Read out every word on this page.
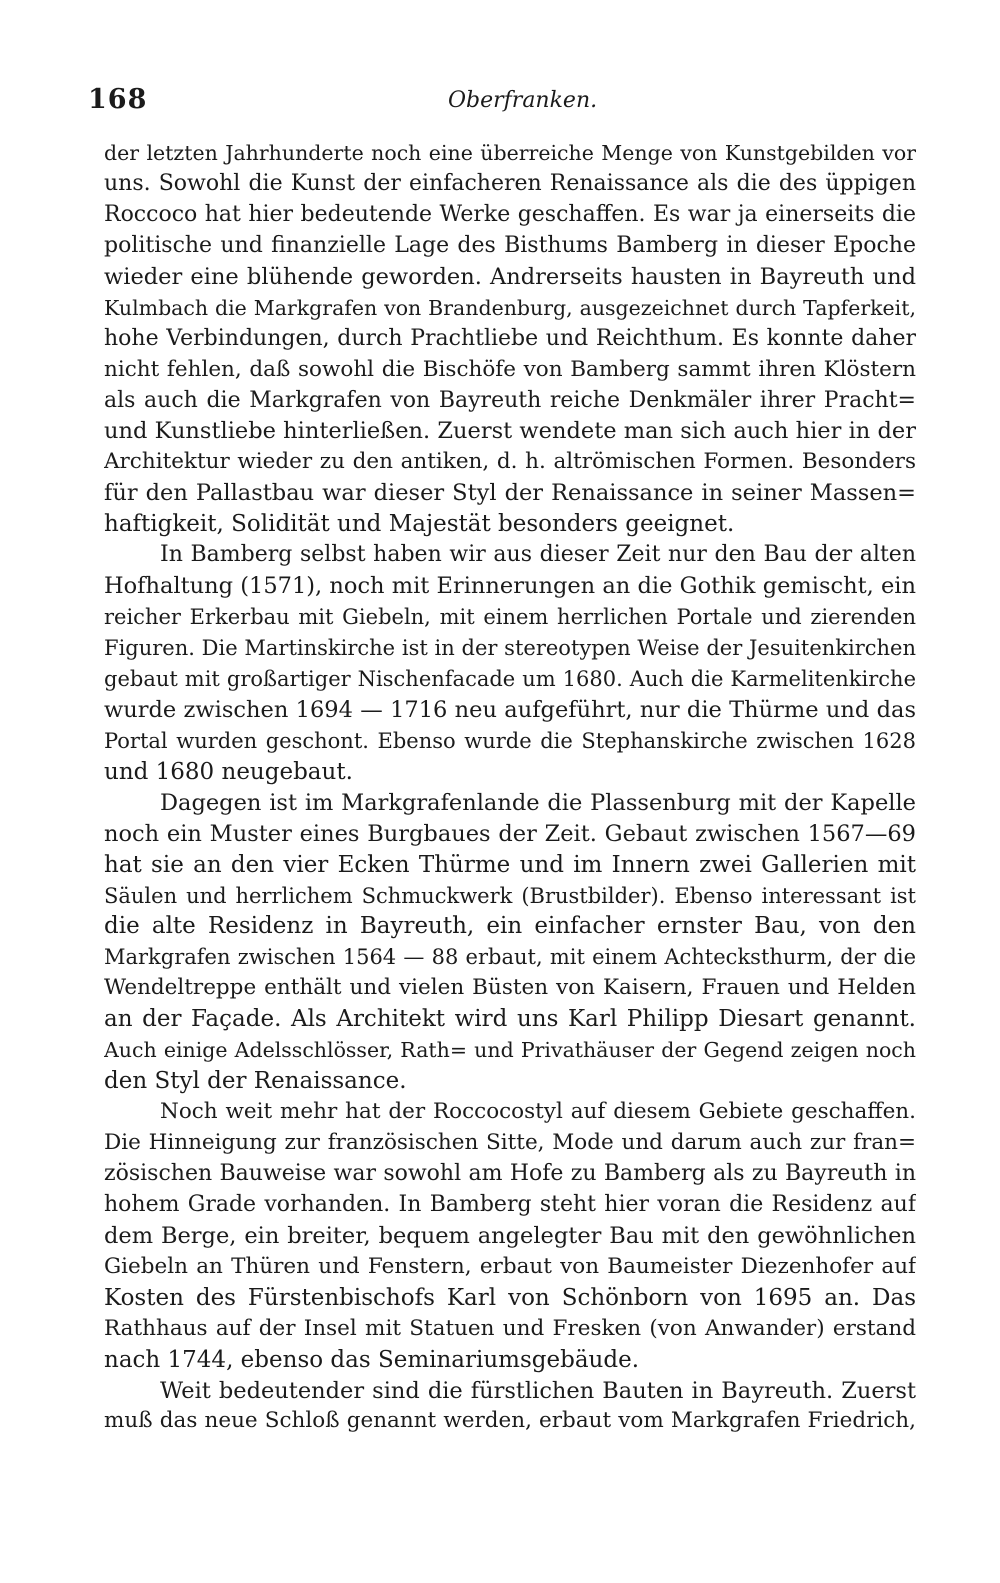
168	Oberfranken.
der letzten Jahrhunderte noch eine überreiche Menge von Kunstgebilden vor
uns. Sowohl die Kunst der einfacheren Renaissance als die des üppigen
Roccoco hat hier bedeutende Werke geschaffen. Es war ja einerseits die
politische und finanzielle Lage des Bisthums Bamberg in dieser Epoche
wieder eine blühende geworden. Andrerseits hausten in Bayreuth und
Kulmbach die Markgrafen von Brandenburg, ausgezeichnet durch Tapferkeit,
hohe Verbindungen, durch Prachtliebe und Reichthum. Es konnte daher
nicht fehlen, daß sowohl die Bischöfe von Bamberg sammt ihren Klöstern
als auch die Markgrafen von Bayreuth reiche Denkmäler ihrer Pracht=
und Kunstliebe hinterließen. Zuerst wendete man sich auch hier in der
Architektur wieder zu den antiken, d. h. altrömischen Formen. Besonders
für den Pallastbau war dieser Styl der Renaissance in seiner Massen=
haftigkeit, Solidität und Majestät besonders geeignet.
In Bamberg selbst haben wir aus dieser Zeit nur den Bau der alten
Hofhaltung (1571), noch mit Erinnerungen an die Gothik gemischt, ein
reicher Erkerbau mit Giebeln, mit einem herrlichen Portale und zierenden
Figuren. Die Martinskirche ist in der stereotypen Weise der Jesuitenkirchen
gebaut mit großartiger Nischenfacade um 1680. Auch die Karmelitenkirche
wurde zwischen 1694 — 1716 neu aufgeführt, nur die Thürme und das
Portal wurden geschont. Ebenso wurde die Stephanskirche zwischen 1628
und 1680 neugebaut.
Dagegen ist im Markgrafenlande die Plassenburg mit der Kapelle
noch ein Muster eines Burgbaues der Zeit. Gebaut zwischen 1567—69
hat sie an den vier Ecken Thürme und im Innern zwei Gallerien mit
Säulen und herrlichem Schmuckwerk (Brustbilder). Ebenso interessant ist
die alte Residenz in Bayreuth, ein einfacher ernster Bau, von den
Markgrafen zwischen 1564 — 88 erbaut, mit einem Achtecksthurm, der die
Wendeltreppe enthält und vielen Büsten von Kaisern, Frauen und Helden
an der Façade. Als Architekt wird uns Karl Philipp Diesart genannt.
Auch einige Adelsschlösser, Rath= und Privathäuser der Gegend zeigen noch
den Styl der Renaissance.
Noch weit mehr hat der Roccocostyl auf diesem Gebiete geschaffen.
Die Hinneigung zur französischen Sitte, Mode und darum auch zur fran=
zösischen Bauweise war sowohl am Hofe zu Bamberg als zu Bayreuth in
hohem Grade vorhanden. In Bamberg steht hier voran die Residenz auf
dem Berge, ein breiter, bequem angelegter Bau mit den gewöhnlichen
Giebeln an Thüren und Fenstern, erbaut von Baumeister Diezenhofer auf
Kosten des Fürstenbischofs Karl von Schönborn von 1695 an. Das
Rathhaus auf der Insel mit Statuen und Fresken (von Anwander) erstand
nach 1744, ebenso das Seminariumsgebäude.
Weit bedeutender sind die fürstlichen Bauten in Bayreuth. Zuerst
muß das neue Schloß genannt werden, erbaut vom Markgrafen Friedrich,
